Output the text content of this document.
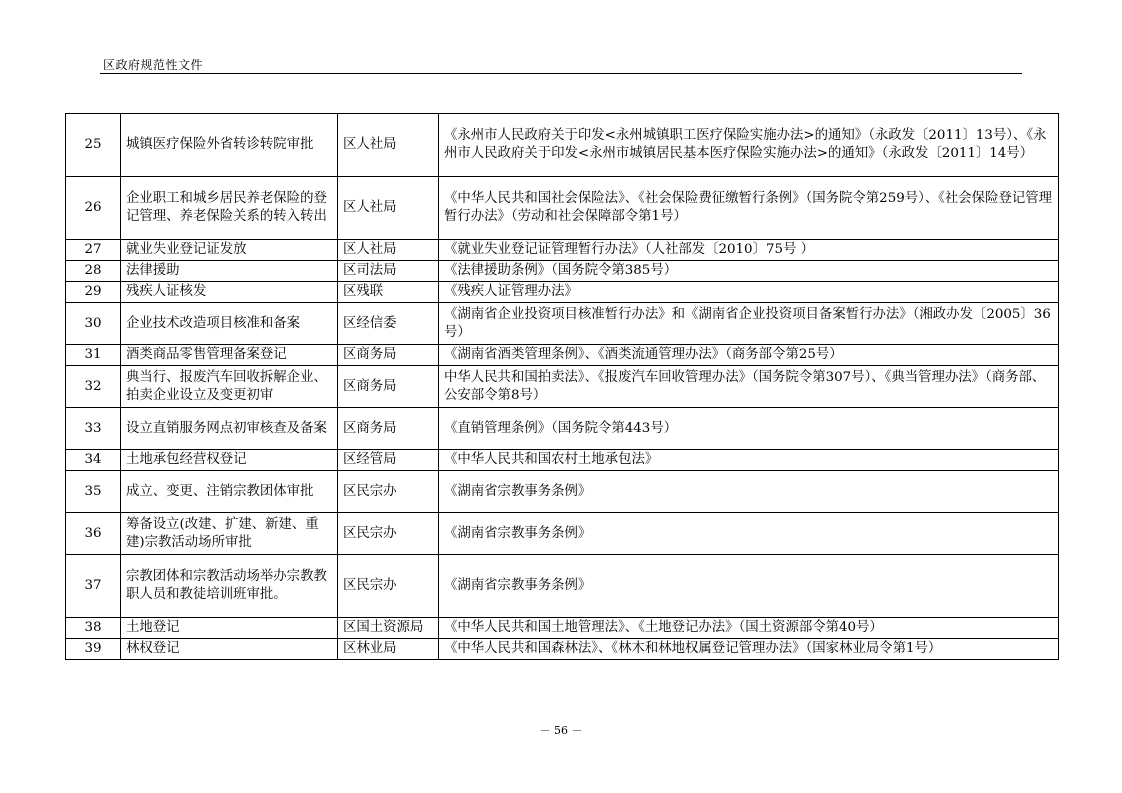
区政府规范性文件
25	城镇医疗保险外省转诊转院审批	区人社局	《永州市人民政府关于印发<永州城镇职工医疗保险实施办法>的通知》（永政发〔2011〕13号）、《永州市人民政府关于印发<永州市城镇居民基本医疗保险实施办法>的通知》（永政发〔2011〕14号）
26	企业职工和城乡居民养老保险的登记管理、养老保险关系的转入转出	区人社局	《中华人民共和国社会保险法》、《社会保险费征缴暂行条例》（国务院令第259号）、《社会保险登记管理暂行办法》（劳动和社会保障部令第1号）
27	就业失业登记证发放	区人社局	《就业失业登记证管理暂行办法》（人社部发〔2010〕75号 ）
28	法律援助	区司法局	《法律援助条例》（国务院令第385号）
29	残疾人证核发	区残联	《残疾人证管理办法》
30	企业技术改造项目核准和备案	区经信委	《湖南省企业投资项目核准暂行办法》和《湖南省企业投资项目备案暂行办法》（湘政办发〔2005〕36号）
31	酒类商品零售管理备案登记	区商务局	《湖南省酒类管理条例》、《酒类流通管理办法》（商务部令第25号）
32	典当行、报废汽车回收拆解企业、拍卖企业设立及变更初审	区商务局	中华人民共和国拍卖法》、《报废汽车回收管理办法》（国务院令第307号）、《典当管理办法》（商务部、公安部令第8号）
33	设立直销服务网点初审核查及备案	区商务局	《直销管理条例》（国务院令第443号）
34	土地承包经营权登记	区经管局	《中华人民共和国农村土地承包法》
35	成立、变更、注销宗教团体审批	区民宗办	《湖南省宗教事务条例》
36	筹备设立(改建、扩建、新建、重建)宗教活动场所审批	区民宗办	《湖南省宗教事务条例》
37	宗教团体和宗教活动场举办宗教教职人员和教徒培训班审批。	区民宗办	《湖南省宗教事务条例》
38	土地登记	区国土资源局	《中华人民共和国土地管理法》、《土地登记办法》（国土资源部令第40号）
39	林权登记	区林业局	《中华人民共和国森林法》、《林木和林地权属登记管理办法》（国家林业局令第1号）
－ 56 －
